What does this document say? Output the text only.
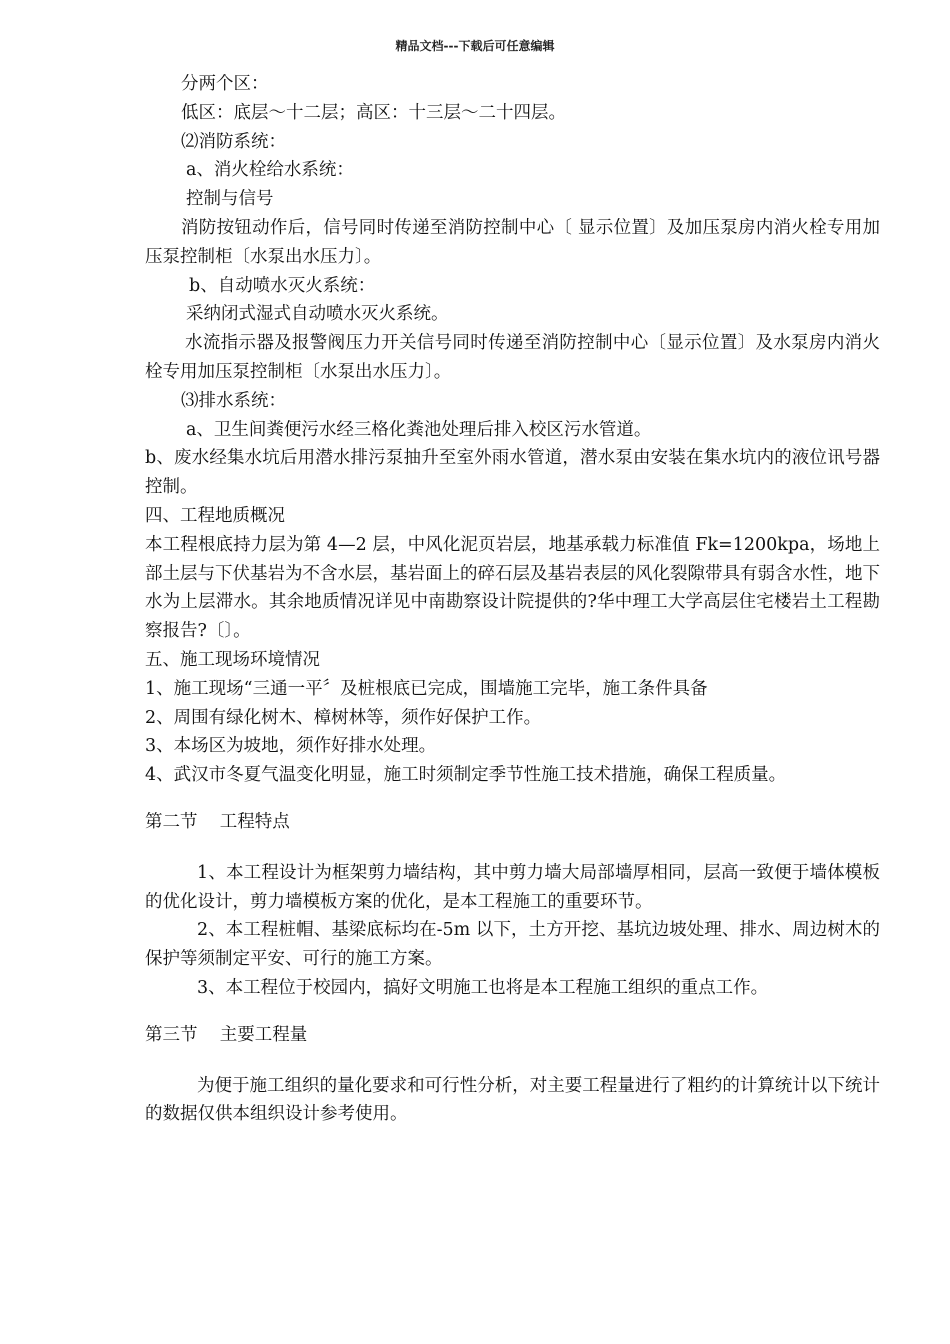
精品文档---下载后可任意编辑
分两个区：
低区：底层～十二层；高区：十三层～二十四层。
⑵消防系统：
a、消火栓给水系统：
控制与信号
消防按钮动作后，信号同时传递至消防控制中心〔 显示位置〕及加压泵房内消火栓专用加压泵控制柜〔水泵出水压力〕。
b、自动喷水灭火系统：
采纳闭式湿式自动喷水灭火系统。
水流指示器及报警阀压力开关信号同时传递至消防控制中心〔显示位置〕及水泵房内消火栓专用加压泵控制柜〔水泵出水压力〕。
⑶排水系统：
a、卫生间粪便污水经三格化粪池处理后排入校区污水管道。
b、废水经集水坑后用潜水排污泵抽升至室外雨水管道，潜水泵由安装在集水坑内的液位讯号器控制。
四、工程地质概况
本工程根底持力层为第 4—2 层，中风化泥页岩层，地基承载力标准值 Fk=1200kpa，场地上部土层与下伏基岩为不含水层，基岩面上的碎石层及基岩表层的风化裂隙带具有弱含水性，地下水为上层滞水。其余地质情况详见中南勘察设计院提供的?华中理工大学高层住宅楼岩土工程勘察报告?〔〕。
五、施工现场环境情况
1、施工现场“三通一平〞及桩根底已完成，围墙施工完毕，施工条件具备
2、周围有绿化树木、樟树林等，须作好保护工作。
3、本场区为坡地，须作好排水处理。
4、武汉市冬夏气温变化明显，施工时须制定季节性施工技术措施，确保工程质量。
第二节    工程特点
1、本工程设计为框架剪力墙结构，其中剪力墙大局部墙厚相同，层高一致便于墙体模板的优化设计，剪力墙模板方案的优化，是本工程施工的重要环节。
2、本工程桩帽、基梁底标均在-5m 以下，土方开挖、基坑边坡处理、排水、周边树木的保护等须制定平安、可行的施工方案。
3、本工程位于校园内，搞好文明施工也将是本工程施工组织的重点工作。
第三节    主要工程量
为便于施工组织的量化要求和可行性分析，对主要工程量进行了粗约的计算统计以下统计的数据仅供本组织设计参考使用。
